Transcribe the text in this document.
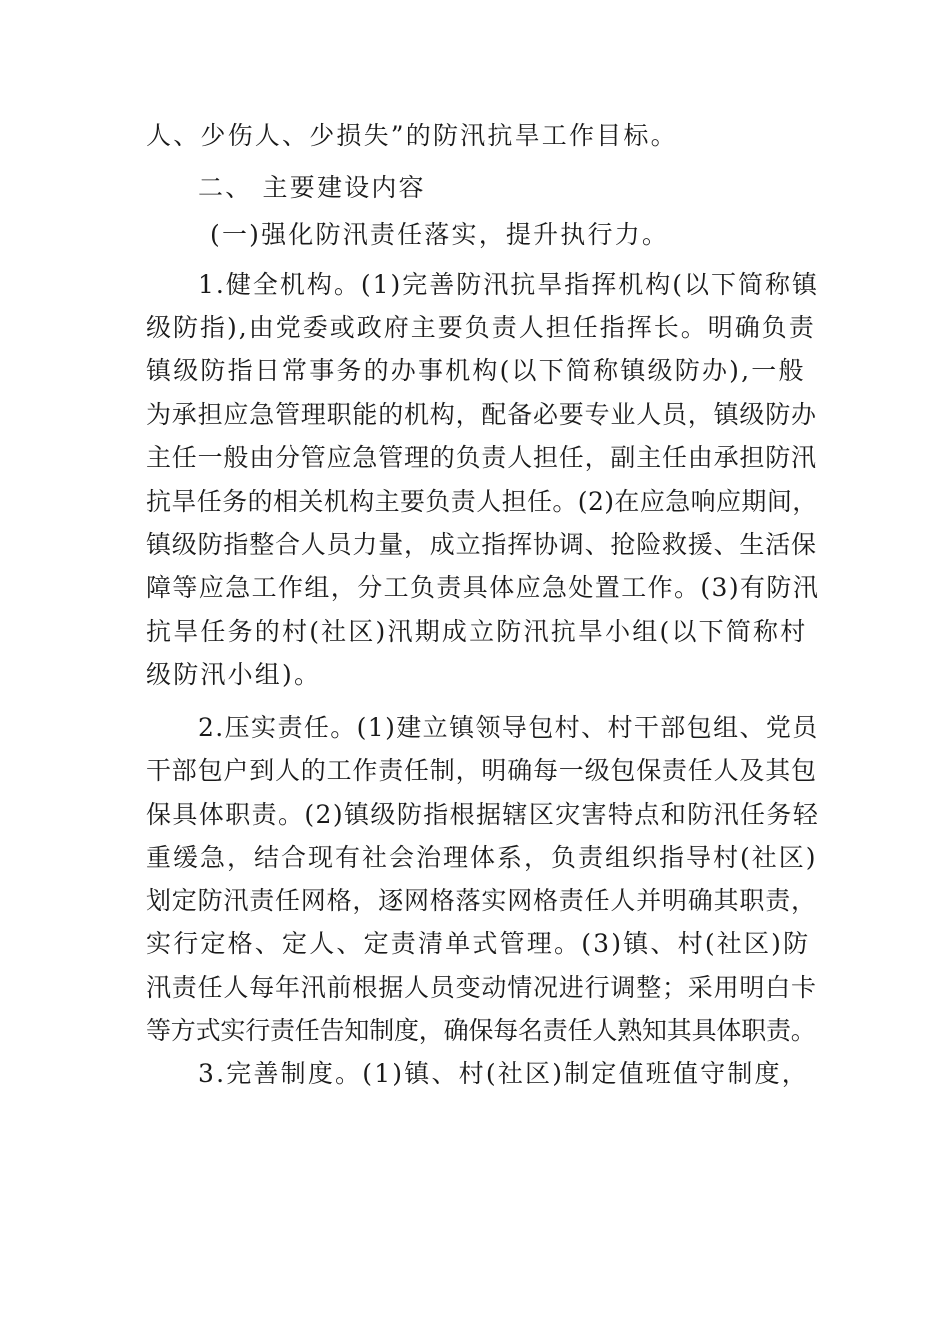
人、少伤人、少损失”的防汛抗旱工作目标。
二、 主要建设内容
(一)强化防汛责任落实，提升执行力。
1.健全机构。(1)完善防汛抗旱指挥机构(以下简称镇
级防指),由党委或政府主要负责人担任指挥长。明确负责
镇级防指日常事务的办事机构(以下简称镇级防办),一般
为承担应急管理职能的机构，配备必要专业人员，镇级防办
主任一般由分管应急管理的负责人担任，副主任由承担防汛
抗旱任务的相关机构主要负责人担任。(2)在应急响应期间，
镇级防指整合人员力量，成立指挥协调、抢险救援、生活保
障等应急工作组，分工负责具体应急处置工作。(3)有防汛
抗旱任务的村(社区)汛期成立防汛抗旱小组(以下简称村
级防汛小组)。
2.压实责任。(1)建立镇领导包村、村干部包组、党员
干部包户到人的工作责任制，明确每一级包保责任人及其包
保具体职责。(2)镇级防指根据辖区灾害特点和防汛任务轻
重缓急，结合现有社会治理体系，负责组织指导村(社区)
划定防汛责任网格，逐网格落实网格责任人并明确其职责，
实行定格、定人、定责清单式管理。(3)镇、村(社区)防
汛责任人每年汛前根据人员变动情况进行调整；采用明白卡
等方式实行责任告知制度，确保每名责任人熟知其具体职责。
3.完善制度。(1)镇、村(社区)制定值班值守制度，
